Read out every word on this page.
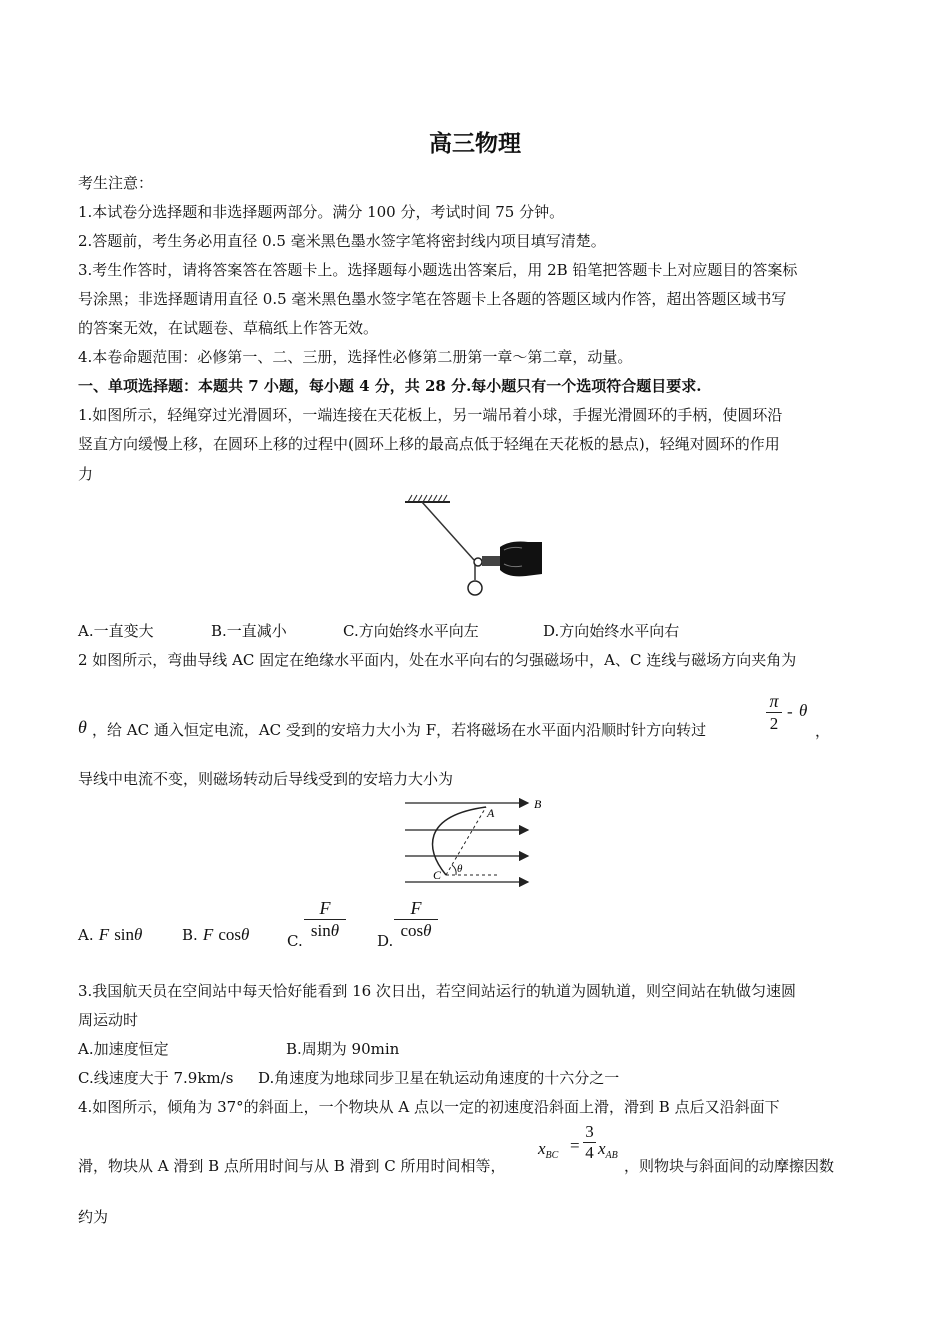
高三物理
考生注意：
1.本试卷分选择题和非选择题两部分。满分 100 分，考试时间 75 分钟。
2.答题前，考生务必用直径 0.5 毫米黑色墨水签字笔将密封线内项目填写清楚。
3.考生作答时，请将答案答在答题卡上。选择题每小题选出答案后，用 2B 铅笔把答题卡上对应题目的答案标
号涂黑；非选择题请用直径 0.5 毫米黑色墨水签字笔在答题卡上各题的答题区域内作答，超出答题区域书写
的答案无效，在试题卷、草稿纸上作答无效。
4.本卷命题范围：必修第一、二、三册，选择性必修第二册第一章～第二章，动量。
一、单项选择题：本题共 7 小题，每小题 4 分，共 28 分.每小题只有一个选项符合题目要求.
1.如图所示，轻绳穿过光滑圆环，一端连接在天花板上，另一端吊着小球，手握光滑圆环的手柄，使圆环沿
竖直方向缓慢上移，在圆环上移的过程中(圆环上移的最高点低于轻绳在天花板的悬点)，轻绳对圆环的作用
力
A.一直变大	B.一直减小	C.方向始终水平向左	D.方向始终水平向右
2 如图所示，弯曲导线 AC 固定在绝缘水平面内，处在水平向右的匀强磁场中，A、C 连线与磁场方向夹角为
θ ，给 AC 通入恒定电流，AC 受到的安培力大小为 F，若将磁场在水平面内沿顺时针方向转过
π
2
- θ
，
导线中电流不变，则磁场转动后导线受到的安培力大小为
B
A
C θ
A. F sinθ	B. F cosθ	C.
F
sinθ
D.
F
cosθ
3.我国航天员在空间站中每天恰好能看到 16 次日出，若空间站运行的轨道为圆轨道，则空间站在轨做匀速圆
周运动时
A.加速度恒定	B.周期为 90min
C.线速度大于 7.9km/s D.角速度为地球同步卫星在轨运动角速度的十六分之一
4.如图所示，倾角为 37°的斜面上，一个物块从 A 点以一定的初速度沿斜面上滑，滑到 B 点后又沿斜面下
滑，物块从 A 滑到 B 点所用时间与从 B 滑到 C 所用时间相等，
$x_{BC}$
=
3
4 $x_{AB}$
，则物块与斜面间的动摩擦因数
约为
